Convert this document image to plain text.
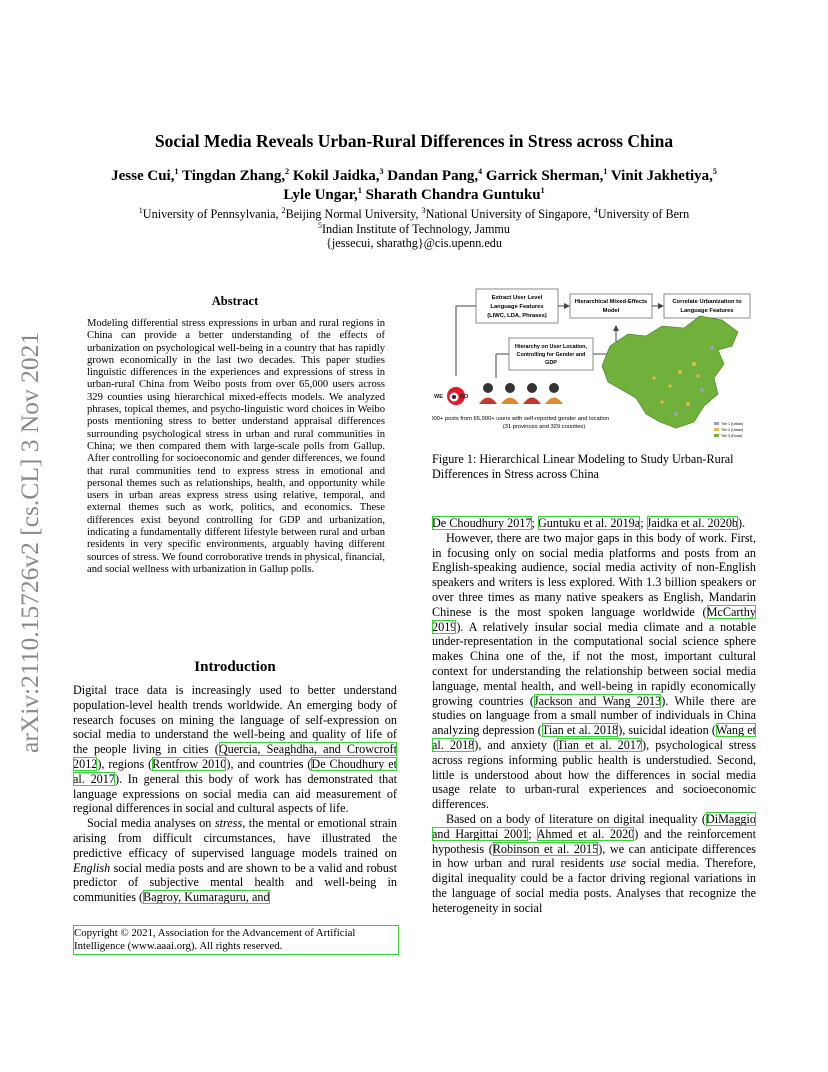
arXiv:2110.15726v2 [cs.CL] 3 Nov 2021
Social Media Reveals Urban-Rural Differences in Stress across China
Jesse Cui,$^1$ Tingdan Zhang,$^2$ Kokil Jaidka,$^3$ Dandan Pang,$^4$ Garrick Sherman,$^1$ Vinit Jakhetiya,$^5$
Lyle Ungar,$^1$ Sharath Chandra Guntuku$^1$
$^1$University of Pennsylvania, $^2$Beijing Normal University, $^3$National University of Singapore, $^4$University of Bern
$^5$Indian Institute of Technology, Jammu
{jessecui, sharathg}@cis.upenn.edu
Abstract
Modeling differential stress expressions in urban and rural regions in China can provide a better understanding of the effects of urbanization on psychological well-being in a country that has rapidly grown economically in the last two decades. This paper studies linguistic differences in the experiences and expressions of stress in urban-rural China from Weibo posts from over 65,000 users across 329 counties using hierarchical mixed-effects models. We analyzed phrases, topical themes, and psycho-linguistic word choices in Weibo posts mentioning stress to better understand appraisal differences surrounding psychological stress in urban and rural communities in China; we then compared them with large-scale polls from Gallup. After controlling for socioeconomic and gender differences, we found that rural communities tend to express stress in emotional and personal themes such as relationships, health, and opportunity while users in urban areas express stress using relative, temporal, and external themes such as work, politics, and economics. These differences exist beyond controlling for GDP and urbanization, indicating a fundamentally different lifestyle between rural and urban residents in very specific environments, arguably having different sources of stress. We found corroborative trends in physical, financial, and social wellness with urbanization in Gallup polls.
Introduction

Digital trace data is increasingly used to better understand population-level health trends worldwide. An emerging body of research focuses on mining the language of self-expression on social media to understand the well-being and quality of life of the people living in cities (Quercia, Seaghdha, and Crowcroft 2012), regions (Rentfrow 2010), and countries (De Choudhury et al. 2017). In general this body of work has demonstrated that language expressions on social media can aid measurement of regional differences in social and cultural aspects of life.

Social media analyses on stress, the mental or emotional strain arising from difficult circumstances, have illustrated the predictive efficacy of supervised language models trained on English social media posts and are shown to be a valid and robust predictor of subjective mental health and well-being in communities (Bagroy, Kumaraguru, and

Copyright © 2021, Association for the Advancement of Artificial Intelligence (www.aaai.org). All rights reserved.
Extract User Level
Language Features
(LIWC, LDA, Phrases)
Hierarchical Mixed-Effects
Model
Correlate Urbanization to
Language Features
Hierarchy on User Location,
Controlling for Gender and
GDP
WE	BO
600,000+ posts from 65,000+ users with self-reported gender and location
(31 provinces and 329 counties)	Tier 1 (Urban)
Tier 2 (Urban)
Tier 3 (Rural)
Figure 1: Hierarchical Linear Modeling to Study Urban-Rural Differences in Stress across China

De Choudhury 2017; Guntuku et al. 2019a; Jaidka et al. 2020b).

However, there are two major gaps in this body of work. First, in focusing only on social media platforms and posts from an English-speaking audience, social media activity of non-English speakers and writers is less explored. With 1.3 billion speakers or over three times as many native speakers as English, Mandarin Chinese is the most spoken language worldwide (McCarthy 2019). A relatively insular social media climate and a notable under-representation in the computational social science sphere makes China one of the, if not the most, important cultural context for understanding the relationship between social media language, mental health, and well-being in rapidly economically growing countries (Jackson and Wang 2013). While there are studies on language from a small number of individuals in China analyzing depression (Tian et al. 2018), suicidal ideation (Wang et al. 2018), and anxiety (Tian et al. 2017), psychological stress across regions informing public health is understudied. Second, little is understood about how the differences in social media usage relate to urban-rural experiences and socioeconomic differences.

Based on a body of literature on digital inequality (DiMaggio and Hargittai 2001; Ahmed et al. 2020) and the reinforcement hypothesis (Robinson et al. 2015), we can anticipate differences in how urban and rural residents use social media. Therefore, digital inequality could be a factor driving regional variations in the language of social media posts. Analyses that recognize the heterogeneity in social
